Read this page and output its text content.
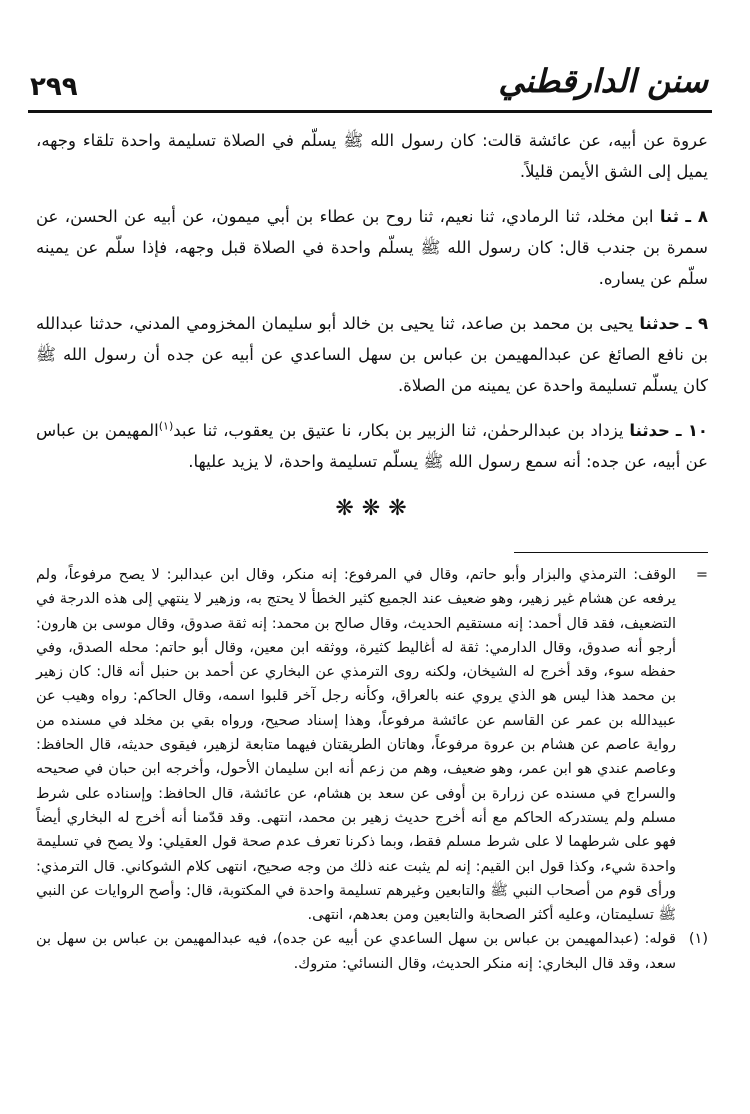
٢٩٩	سنن الدارقطني

عروة عن أبيه، عن عائشة قالت: كان رسول الله ﷺ يسلّم في الصلاة تسليمة واحدة تلقاء وجهه، يميل إلى الشق الأيمن قليلاً.

٨ ـ ثنا ابن مخلد، ثنا الرمادي، ثنا نعيم، ثنا روح بن عطاء بن أبي ميمون، عن أبيه عن الحسن، عن سمرة بن جندب قال: كان رسول الله ﷺ يسلّم واحدة في الصلاة قبل وجهه، فإذا سلّم عن يمينه سلّم عن يساره.

٩ ـ حدثنا يحيى بن محمد بن صاعد، ثنا يحيى بن خالد أبو سليمان المخزومي المدني، حدثنا عبدالله بن نافع الصائغ عن عبدالمهيمن بن عباس بن سهل الساعدي عن أبيه عن جده أن رسول الله ﷺ كان يسلّم تسليمة واحدة عن يمينه من الصلاة.

١٠ ـ حدثنا يزداد بن عبدالرحمٰن، ثنا الزبير بن بكار، نا عتيق بن يعقوب، ثنا عبد$^{(١)}$المهيمن بن عباس عن أبيه، عن جده: أنه سمع رسول الله ﷺ يسلّم تسليمة واحدة، لا يزيد عليها.

❋❋❋

=
الوقف: الترمذي والبزار وأبو حاتم، وقال في المرفوع: إنه منكر، وقال ابن عبدالبر: لا يصح مرفوعاً، ولم يرفعه عن هشام غير زهير، وهو ضعيف عند الجميع كثير الخطأ لا يحتج به، وزهير لا ينتهي إلى هذه الدرجة في التضعيف، فقد قال أحمد: إنه مستقيم الحديث، وقال صالح بن محمد: إنه ثقة صدوق، وقال موسى بن هارون: أرجو أنه صدوق، وقال الدارمي: ثقة له أغاليط كثيرة، ووثقه ابن معين، وقال أبو حاتم: محله الصدق، وفي حفظه سوء، وقد أخرج له الشيخان، ولكنه روى الترمذي عن البخاري عن أحمد بن حنبل أنه قال: كان زهير بن محمد هذا ليس هو الذي يروي عنه بالعراق، وكأنه رجل آخر قلبوا اسمه، وقال الحاكم: رواه وهيب عن عبيدالله بن عمر عن القاسم عن عائشة مرفوعاً، وهذا إسناد صحيح، ورواه بقي بن مخلد في مسنده من رواية عاصم عن هشام بن عروة مرفوعاً، وهاتان الطريقتان فيهما متابعة لزهير، فيقوى حديثه، قال الحافظ: وعاصم عندي هو ابن عمر، وهو ضعيف، وهم من زعم أنه ابن سليمان الأحول، وأخرجه ابن حبان في صحيحه والسراج في مسنده عن زرارة بن أوفى عن سعد بن هشام، عن عائشة، قال الحافظ: وإسناده على شرط مسلم ولم يستدركه الحاكم مع أنه أخرج حديث زهير بن محمد، انتهى. وقد قدّمنا أنه أخرج له البخاري أيضاً فهو على شرطهما لا على شرط مسلم فقط، وبما ذكرنا تعرف عدم صحة قول العقيلي: ولا يصح في تسليمة واحدة شيء، وكذا قول ابن القيم: إنه لم يثبت عنه ذلك من وجه صحيح، انتهى كلام الشوكاني. قال الترمذي: ورأى قوم من أصحاب النبي ﷺ والتابعين وغيرهم تسليمة واحدة في المكتوبة، قال: وأصح الروايات عن النبي ﷺ تسليمتان، وعليه أكثر الصحابة والتابعين ومن بعدهم، انتهى.

(١)
قوله: (عبدالمهيمن بن عباس بن سهل الساعدي عن أبيه عن جده)، فيه عبدالمهيمن بن عباس بن سهل بن سعد، وقد قال البخاري: إنه منكر الحديث، وقال النسائي: متروك.
